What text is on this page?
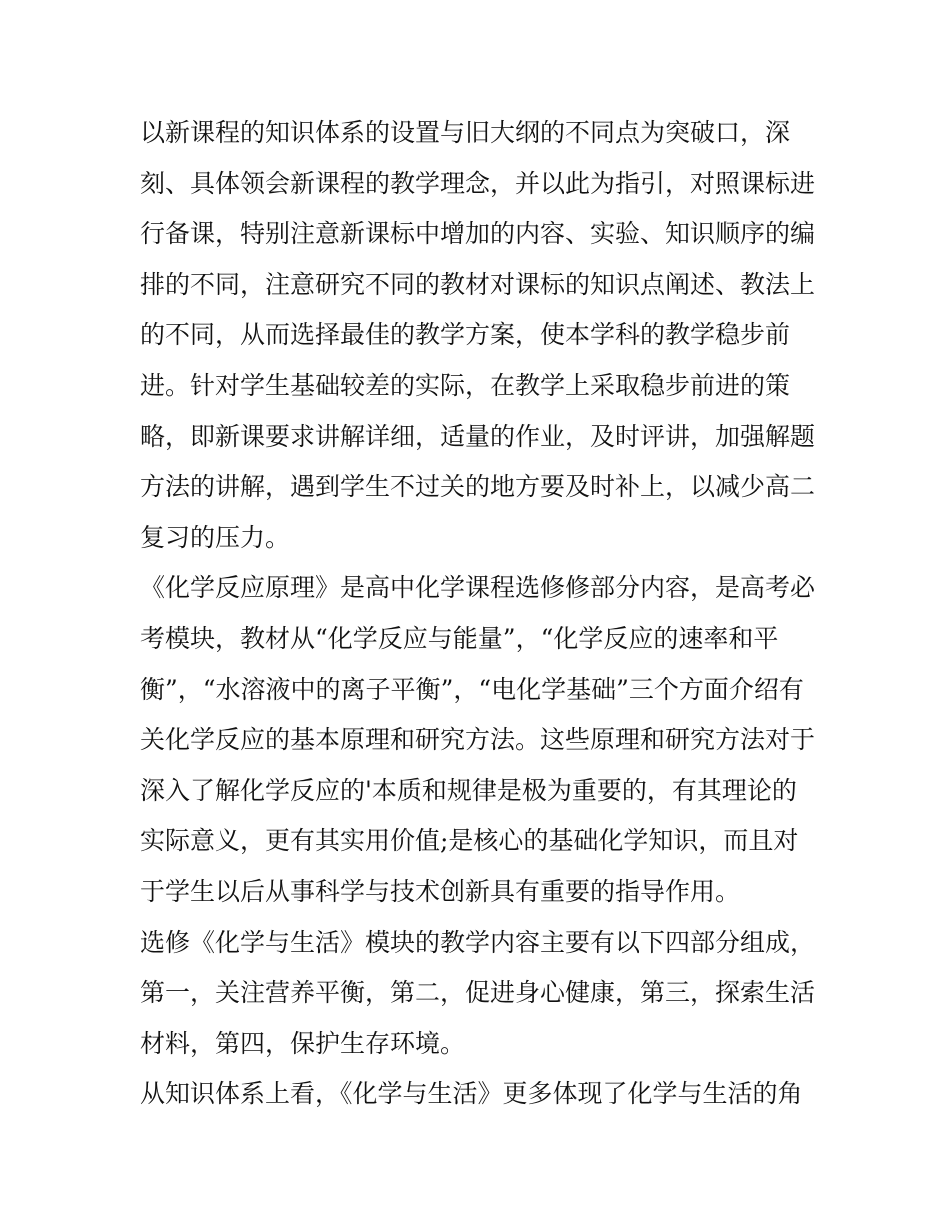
以新课程的知识体系的设置与旧大纲的不同点为突破口，深
刻、具体领会新课程的教学理念，并以此为指引，对照课标进
行备课，特别注意新课标中增加的内容、实验、知识顺序的编
排的不同，注意研究不同的教材对课标的知识点阐述、教法上
的不同，从而选择最佳的教学方案，使本学科的教学稳步前
进。针对学生基础较差的实际，在教学上采取稳步前进的策
略，即新课要求讲解详细，适量的作业，及时评讲，加强解题
方法的讲解，遇到学生不过关的地方要及时补上，以减少高二
复习的压力。
《化学反应原理》是高中化学课程选修修部分内容，是高考必
考模块，教材从“化学反应与能量”，“化学反应的速率和平
衡”，“水溶液中的离子平衡”，“电化学基础”三个方面介绍有
关化学反应的基本原理和研究方法。这些原理和研究方法对于
深入了解化学反应的'本质和规律是极为重要的，有其理论的
实际意义，更有其实用价值;是核心的基础化学知识，而且对
于学生以后从事科学与技术创新具有重要的指导作用。
选修《化学与生活》模块的教学内容主要有以下四部分组成，
第一，关注营养平衡，第二，促进身心健康，第三，探索生活
材料，第四，保护生存环境。
从知识体系上看，《化学与生活》更多体现了化学与生活的角
